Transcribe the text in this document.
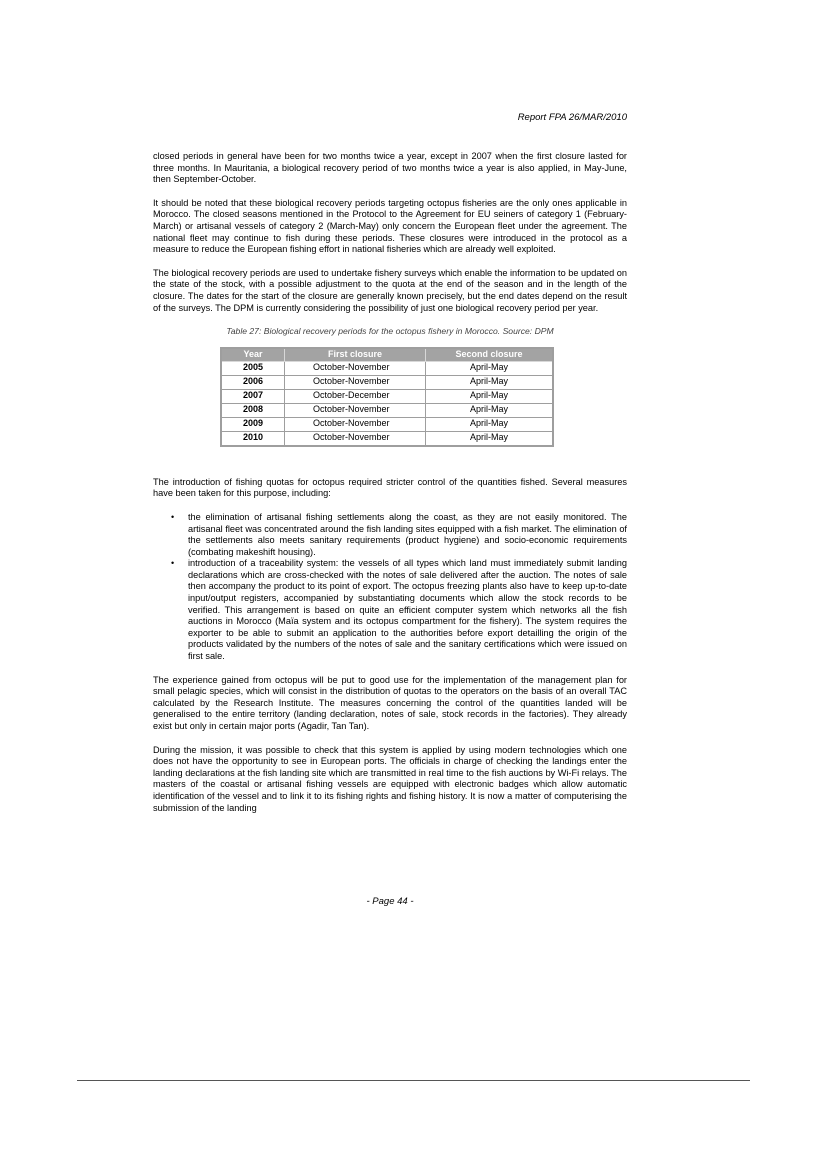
Report FPA 26/MAR/2010

closed periods in general have been for two months twice a year, except in 2007 when the first closure lasted for three months. In Mauritania, a biological recovery period of two months twice a year is also applied, in May-June, then September-October.

It should be noted that these biological recovery periods targeting octopus fisheries are the only ones applicable in Morocco. The closed seasons mentioned in the Protocol to the Agreement for EU seiners of category 1 (February-March) or artisanal vessels of category 2 (March-May) only concern the European fleet under the agreement. The national fleet may continue to fish during these periods. These closures were introduced in the protocol as a measure to reduce the European fishing effort in national fisheries which are already well exploited.

The biological recovery periods are used to undertake fishery surveys which enable the information to be updated on the state of the stock, with a possible adjustment to the quota at the end of the season and in the length of the closure. The dates for the start of the closure are generally known precisely, but the end dates depend on the result of the surveys. The DPM is currently considering the possibility of just one biological recovery period per year.

Table 27: Biological recovery periods for the octopus fishery in Morocco. Source: DPM
Year	First closure	Second closure
2005	October-November	April-May
2006	October-November	April-May
2007	October-December	April-May
2008	October-November	April-May
2009	October-November	April-May
2010	October-November	April-May

The introduction of fishing quotas for octopus required stricter control of the quantities fished. Several measures have been taken for this purpose, including:

• the elimination of artisanal fishing settlements along the coast, as they are not easily monitored. The artisanal fleet was concentrated around the fish landing sites equipped with a fish market. The elimination of the settlements also meets sanitary requirements (product hygiene) and socio-economic requirements (combating makeshift housing).
• introduction of a traceability system: the vessels of all types which land must immediately submit landing declarations which are cross-checked with the notes of sale delivered after the auction. The notes of sale then accompany the product to its point of export. The octopus freezing plants also have to keep up-to-date input/output registers, accompanied by substantiating documents which allow the stock records to be verified. This arrangement is based on quite an efficient computer system which networks all the fish auctions in Morocco (Maïa system and its octopus compartment for the fishery). The system requires the exporter to be able to submit an application to the authorities before export detailling the origin of the products validated by the numbers of the notes of sale and the sanitary certifications which were issued on first sale.

The experience gained from octopus will be put to good use for the implementation of the management plan for small pelagic species, which will consist in the distribution of quotas to the operators on the basis of an overall TAC calculated by the Research Institute. The measures concerning the control of the quantities landed will be generalised to the entire territory (landing declaration, notes of sale, stock records in the factories). They already exist but only in certain major ports (Agadir, Tan Tan).

During the mission, it was possible to check that this system is applied by using modern technologies which one does not have the opportunity to see in European ports. The officials in charge of checking the landings enter the landing declarations at the fish landing site which are transmitted in real time to the fish auctions by Wi-Fi relays. The masters of the coastal or artisanal fishing vessels are equipped with electronic badges which allow automatic identification of the vessel and to link it to its fishing rights and fishing history. It is now a matter of computerising the submission of the landing

- Page 44 -
